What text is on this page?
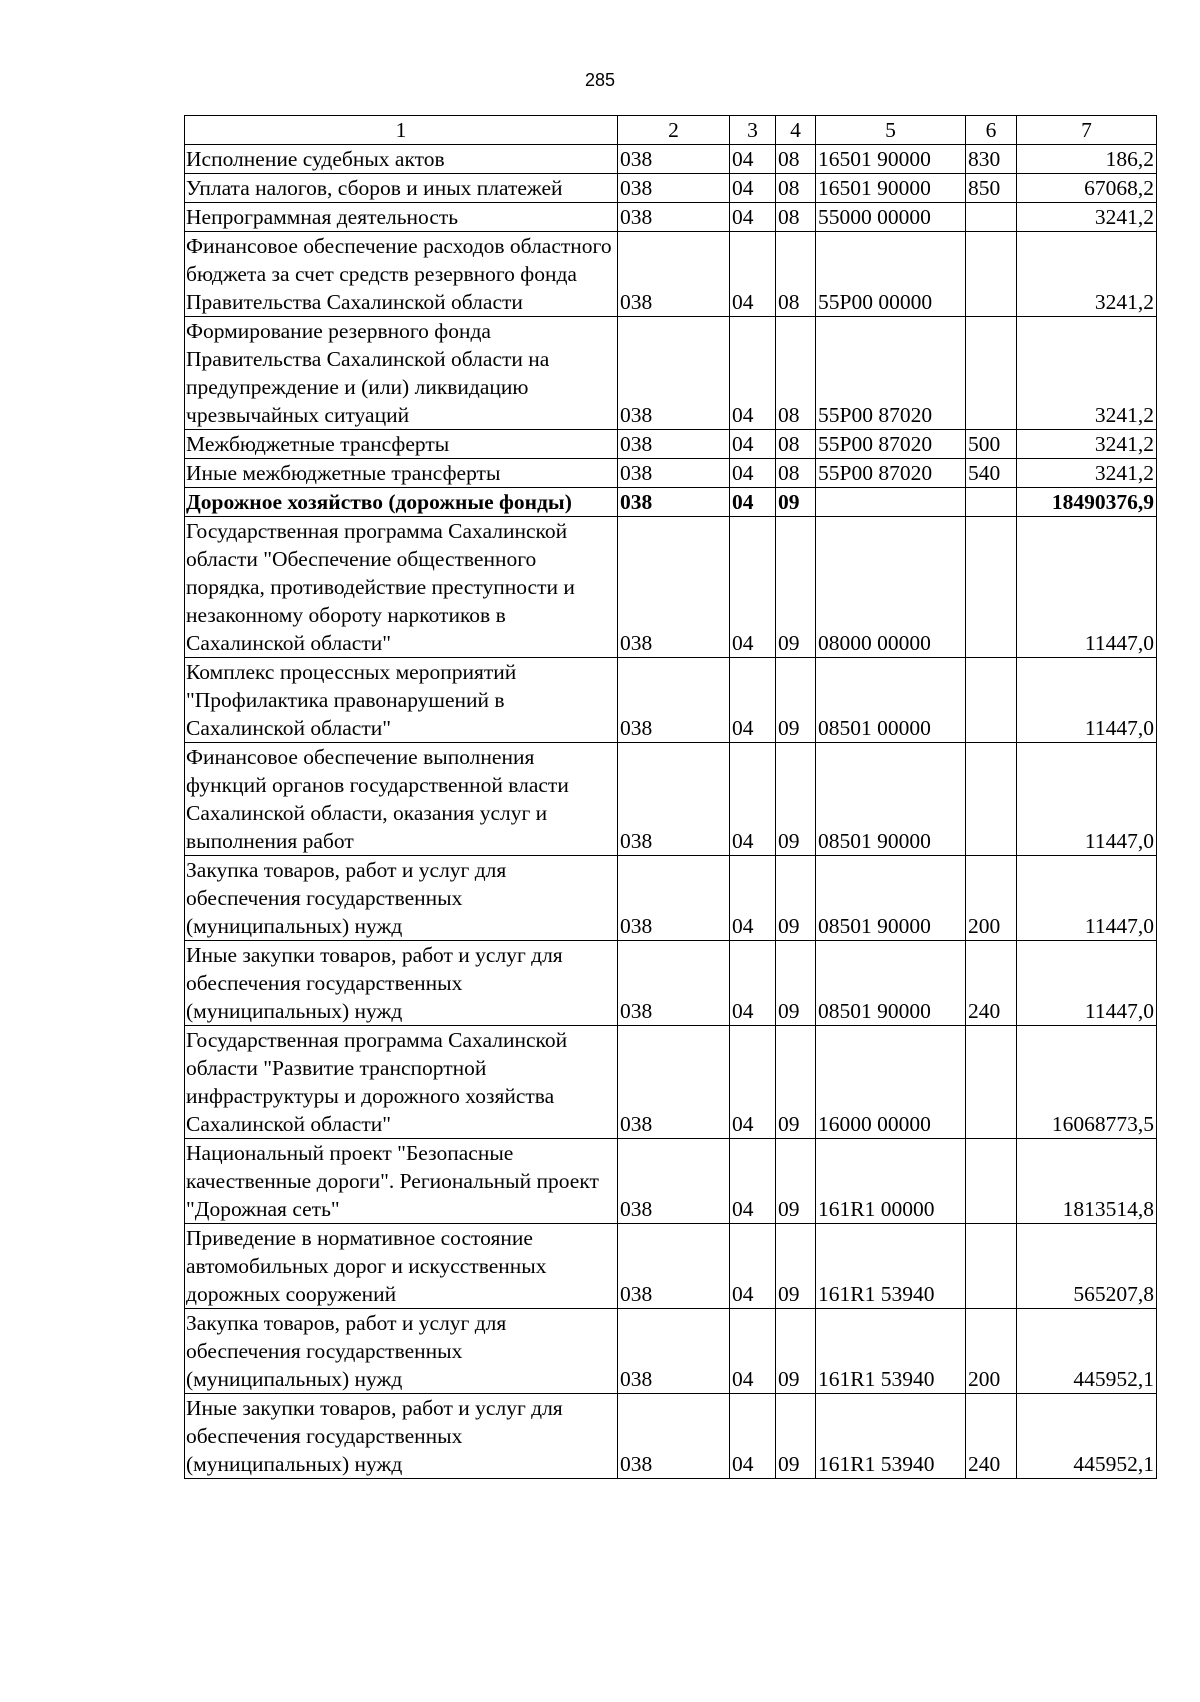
285
1	2	3	4	5	6	7
Исполнение судебных актов	038	04	08	16501 90000	830	186,2
Уплата налогов, сборов и иных платежей	038	04	08	16501 90000	850	67068,2
Непрограммная деятельность	038	04	08	55000 00000		3241,2
Финансовое обеспечение расходов областного бюджета за счет средств резервного фонда Правительства Сахалинской области	038	04	08	55Р00 00000		3241,2
Формирование резервного фонда Правительства Сахалинской области на предупреждение и (или) ликвидацию чрезвычайных ситуаций	038	04	08	55Р00 87020		3241,2
Межбюджетные трансферты	038	04	08	55Р00 87020	500	3241,2
Иные межбюджетные трансферты	038	04	08	55Р00 87020	540	3241,2
Дорожное хозяйство (дорожные фонды)	038	04	09			18490376,9
Государственная программа Сахалинской области "Обеспечение общественного порядка, противодействие преступности и незаконному обороту наркотиков в Сахалинской области"	038	04	09	08000 00000		11447,0
Комплекс процессных мероприятий "Профилактика правонарушений в Сахалинской области"	038	04	09	08501 00000		11447,0
Финансовое обеспечение выполнения функций органов государственной власти Сахалинской области, оказания услуг и выполнения работ	038	04	09	08501 90000		11447,0
Закупка товаров, работ и услуг для обеспечения государственных (муниципальных) нужд	038	04	09	08501 90000	200	11447,0
Иные закупки товаров, работ и услуг для обеспечения государственных (муниципальных) нужд	038	04	09	08501 90000	240	11447,0
Государственная программа Сахалинской области "Развитие транспортной инфраструктуры и дорожного хозяйства Сахалинской области"	038	04	09	16000 00000		16068773,5
Национальный проект "Безопасные качественные дороги". Региональный проект "Дорожная сеть"	038	04	09	161R1 00000		1813514,8
Приведение в нормативное состояние автомобильных дорог и искусственных дорожных сооружений	038	04	09	161R1 53940		565207,8
Закупка товаров, работ и услуг для обеспечения государственных (муниципальных) нужд	038	04	09	161R1 53940	200	445952,1
Иные закупки товаров, работ и услуг для обеспечения государственных (муниципальных) нужд	038	04	09	161R1 53940	240	445952,1
